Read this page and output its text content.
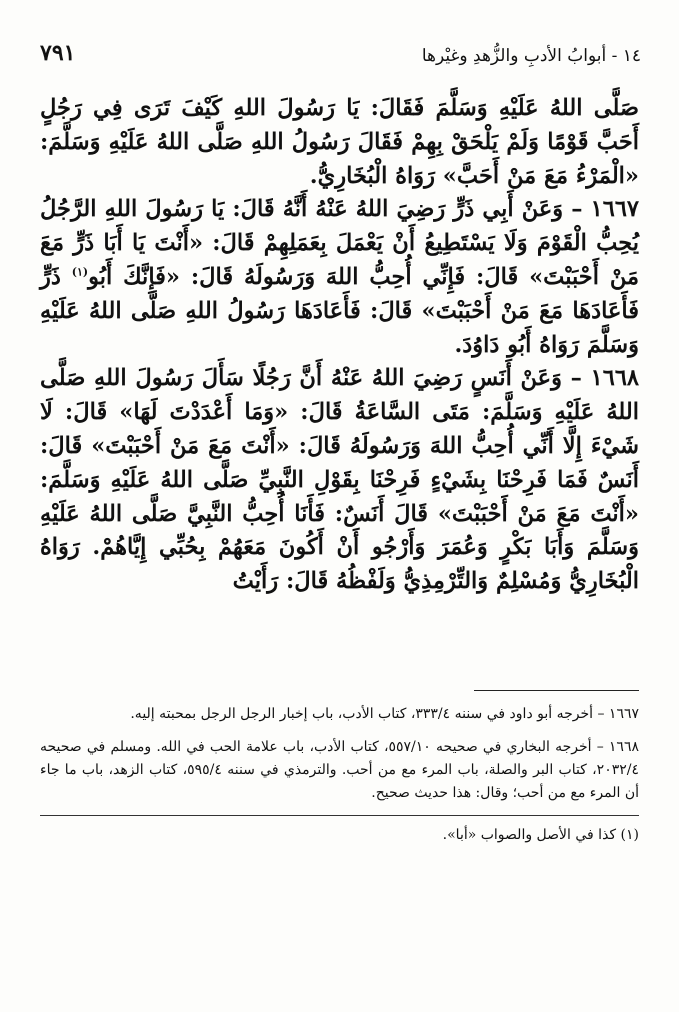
١٤ - أبوابُ الأدبِ والزُّهدِ وغيْرها
٧٩١

صَلَّى اللهُ عَلَيْهِ وَسَلَّمَ فَقَالَ: يَا رَسُولَ اللهِ كَيْفَ تَرَى فِي رَجُلٍ أَحَبَّ قَوْمًا وَلَمْ يَلْحَقْ بِهِمْ فَقَالَ رَسُولُ اللهِ صَلَّى اللهُ عَلَيْهِ وَسَلَّمَ: «الْمَرْءُ مَعَ مَنْ أَحَبَّ» رَوَاهُ الْبُخَارِيُّ.

١٦٦٧ – وَعَنْ أَبِي ذَرٍّ رَضِيَ اللهُ عَنْهُ أَنَّهُ قَالَ: يَا رَسُولَ اللهِ الرَّجُلُ يُحِبُّ الْقَوْمَ وَلَا يَسْتَطِيعُ أَنْ يَعْمَلَ بِعَمَلِهِمْ قَالَ: «أَنْتَ يَا أَبَا ذَرٍّ مَعَ مَنْ أَحْبَبْتَ» قَالَ: فَإِنِّي أُحِبُّ اللهَ وَرَسُولَهُ قَالَ: «فَإِنَّكَ أَبُو$^{(١)}$ ذَرٍّ فَأَعَادَهَا مَعَ مَنْ أَحْبَبْتَ» قَالَ: فَأَعَادَهَا رَسُولُ اللهِ صَلَّى اللهُ عَلَيْهِ وَسَلَّمَ رَوَاهُ أَبُو دَاوُدَ.

١٦٦٨ – وَعَنْ أَنَسٍ رَضِيَ اللهُ عَنْهُ أَنَّ رَجُلًا سَأَلَ رَسُولَ اللهِ صَلَّى اللهُ عَلَيْهِ وَسَلَّمَ: مَتَى السَّاعَةُ قَالَ: «وَمَا أَعْدَدْتَ لَهَا» قَالَ: لَا شَيْءَ إِلَّا أَنِّي أُحِبُّ اللهَ وَرَسُولَهُ قَالَ: «أَنْتَ مَعَ مَنْ أَحْبَبْتَ» قَالَ: أَنَسٌ فَمَا فَرِحْنَا بِشَيْءٍ فَرِحْنَا بِقَوْلِ النَّبِيِّ صَلَّى اللهُ عَلَيْهِ وَسَلَّمَ: «أَنْتَ مَعَ مَنْ أَحْبَبْتَ» قَالَ أَنَسٌ: فَأَنَا أُحِبُّ النَّبِيَّ صَلَّى اللهُ عَلَيْهِ وَسَلَّمَ وَأَبَا بَكْرٍ وَعُمَرَ وَأَرْجُو أَنْ أَكُونَ مَعَهُمْ بِحُبِّي إِيَّاهُمْ. رَوَاهُ الْبُخَارِيُّ وَمُسْلِمٌ وَالتِّرْمِذِيُّ وَلَفْظُهُ قَالَ: رَأَيْتُ

١٦٦٧ – أخرجه أبو داود في سننه ٣٣٣/٤، كتاب الأدب، باب إخبار الرجل الرجل بمحبته إليه.

١٦٦٨ – أخرجه البخاري في صحيحه ٥٥٧/١٠، كتاب الأدب، باب علامة الحب في الله. ومسلم في صحيحه ٢٠٣٢/٤، كتاب البر والصلة، باب المرء مع من أحب. والترمذي في سننه ٥٩٥/٤، كتاب الزهد، باب ما جاء أن المرء مع من أحب؛ وقال: هذا حديث صحيح.

(١) كذا في الأصل والصواب «أبا».
